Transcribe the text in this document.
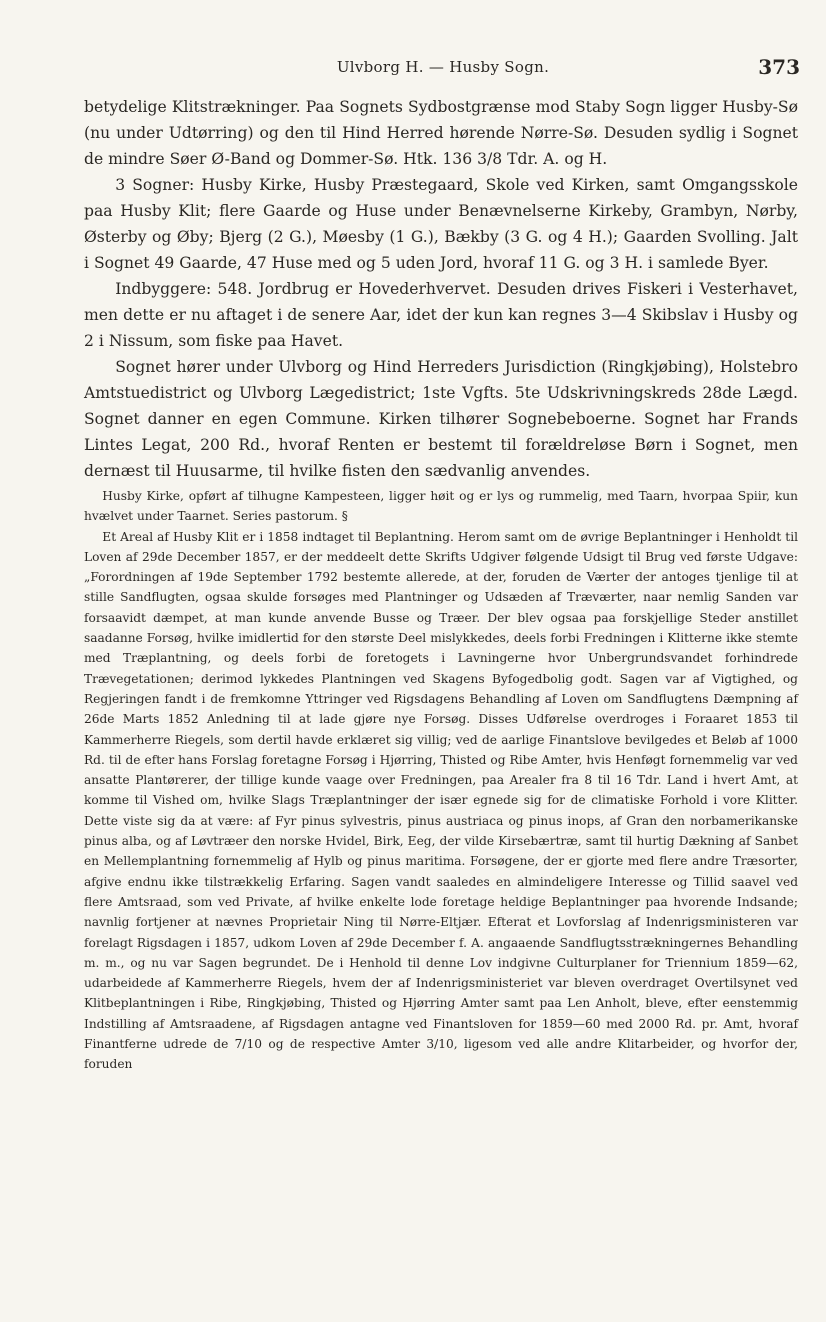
Ulvborg H. — Husby Sogn.	373

betydelige Klitstrækninger. Paa Sognets Sydbostgrænse mod Staby Sogn ligger Husby-Sø (nu under Udtørring) og den til Hind Herred hørende Nørre-Sø. Desuden sydlig i Sognet de mindre Søer Ø-Band og Dommer-Sø. Htk. 136 3/8 Tdr. A. og H.

3 Sogner: Husby Kirke, Husby Præstegaard, Skole ved Kirken, samt Omgangsskole paa Husby Klit; flere Gaarde og Huse under Benævnelserne Kirkeby, Grambyn, Nørby, Østerby og Øby; Bjerg (2 G.), Møesby (1 G.), Bækby (3 G. og 4 H.); Gaarden Svolling. Jalt i Sognet 49 Gaarde, 47 Huse med og 5 uden Jord, hvoraf 11 G. og 3 H. i samlede Byer.

Indbyggere: 548. Jordbrug er Hovederhvervet. Desuden drives Fiskeri i Vesterhavet, men dette er nu aftaget i de senere Aar, idet der kun kan regnes 3—4 Skibslav i Husby og 2 i Nissum, som fiske paa Havet.

Sognet hører under Ulvborg og Hind Herreders Jurisdiction (Ringkjøbing), Holstebro Amtstuedistrict og Ulvborg Lægedistrict; 1ste Vgfts. 5te Udskrivningskreds 28de Lægd. Sognet danner en egen Commune. Kirken tilhører Sognebeboerne. Sognet har Frands Lintes Legat, 200 Rd., hvoraf Renten er bestemt til forældreløse Børn i Sognet, men dernæst til Huusarme, til hvilke fisten den sædvanlig anvendes.

Husby Kirke, opført af tilhugne Kampesteen, ligger høit og er lys og rummelig, med Taarn, hvorpaa Spiir, kun hvælvet under Taarnet. Series pastorum. §

Et Areal af Husby Klit er i 1858 indtaget til Beplantning. Herom samt om de øvrige Beplantninger i Henholdt til Loven af 29de December 1857, er der meddeelt dette Skrifts Udgiver følgende Udsigt til Brug ved første Udgave: „Forordningen af 19de September 1792 bestemte allerede, at der, foruden de Værter der antoges tjenlige til at stille Sandflugten, ogsaa skulde forsøges med Plantninger og Udsæden af Træværter, naar nemlig Sanden var forsaavidt dæmpet, at man kunde anvende Busse og Træer. Der blev ogsaa paa forskjellige Steder anstillet saadanne Forsøg, hvilke imidlertid for den største Deel mislykkedes, deels forbi Fredningen i Klitterne ikke stemte med Træplantning, og deels forbi de foretogets i Lavningerne hvor Unbergrundsvandet forhindrede Trævegetationen; derimod lykkedes Plantningen ved Skagens Byfogedbolig godt. Sagen var af Vigtighed, og Regjeringen fandt i de fremkomne Yttringer ved Rigsdagens Behandling af Loven om Sandflugtens Dæmpning af 26de Marts 1852 Anledning til at lade gjøre nye Forsøg. Disses Udførelse overdroges i Foraaret 1853 til Kammerherre Riegels, som dertil havde erklæret sig villig; ved de aarlige Finantslove bevilgedes et Beløb af 1000 Rd. til de efter hans Forslag foretagne Forsøg i Hjørring, Thisted og Ribe Amter, hvis Henføgt fornemmelig var ved ansatte Plantørerer, der tillige kunde vaage over Fredningen, paa Arealer fra 8 til 16 Tdr. Land i hvert Amt, at komme til Vished om, hvilke Slags Træplantninger der især egnede sig for de climatiske Forhold i vore Klitter. Dette viste sig da at være: af Fyr pinus sylvestris, pinus austriaca og pinus inops, af Gran den norbamerikanske pinus alba, og af Løvtræer den norske Hvidel, Birk, Eeg, der vilde Kirsebærtræ, samt til hurtig Dækning af Sanbet en Mellemplantning fornemmelig af Hylb og pinus maritima. Forsøgene, der er gjorte med flere andre Træsorter, afgive endnu ikke tilstrækkelig Erfaring. Sagen vandt saaledes en almindeligere Interesse og Tillid saavel ved flere Amtsraad, som ved Private, af hvilke enkelte lode foretage heldige Beplantninger paa hvorende Indsande; navnlig fortjener at nævnes Proprietair Ning til Nørre-Eltjær. Efterat et Lovforslag af Indenrigsministeren var forelagt Rigsdagen i 1857, udkom Loven af 29de December f. A. angaaende Sandflugtsstrækningernes Behandling m. m., og nu var Sagen begrundet. De i Henhold til denne Lov indgivne Culturplaner for Triennium 1859—62, udarbeidede af Kammerherre Riegels, hvem der af Indenrigsministeriet var bleven overdraget Overtilsynet ved Klitbeplantningen i Ribe, Ringkjøbing, Thisted og Hjørring Amter samt paa Len Anholt, bleve, efter eenstemmig Indstilling af Amtsraadene, af Rigsdagen antagne ved Finantsloven for 1859—60 med 2000 Rd. pr. Amt, hvoraf Finantferne udrede de 7/10 og de respective Amter 3/10, ligesom ved alle andre Klitarbeider, og hvorfor der, foruden
